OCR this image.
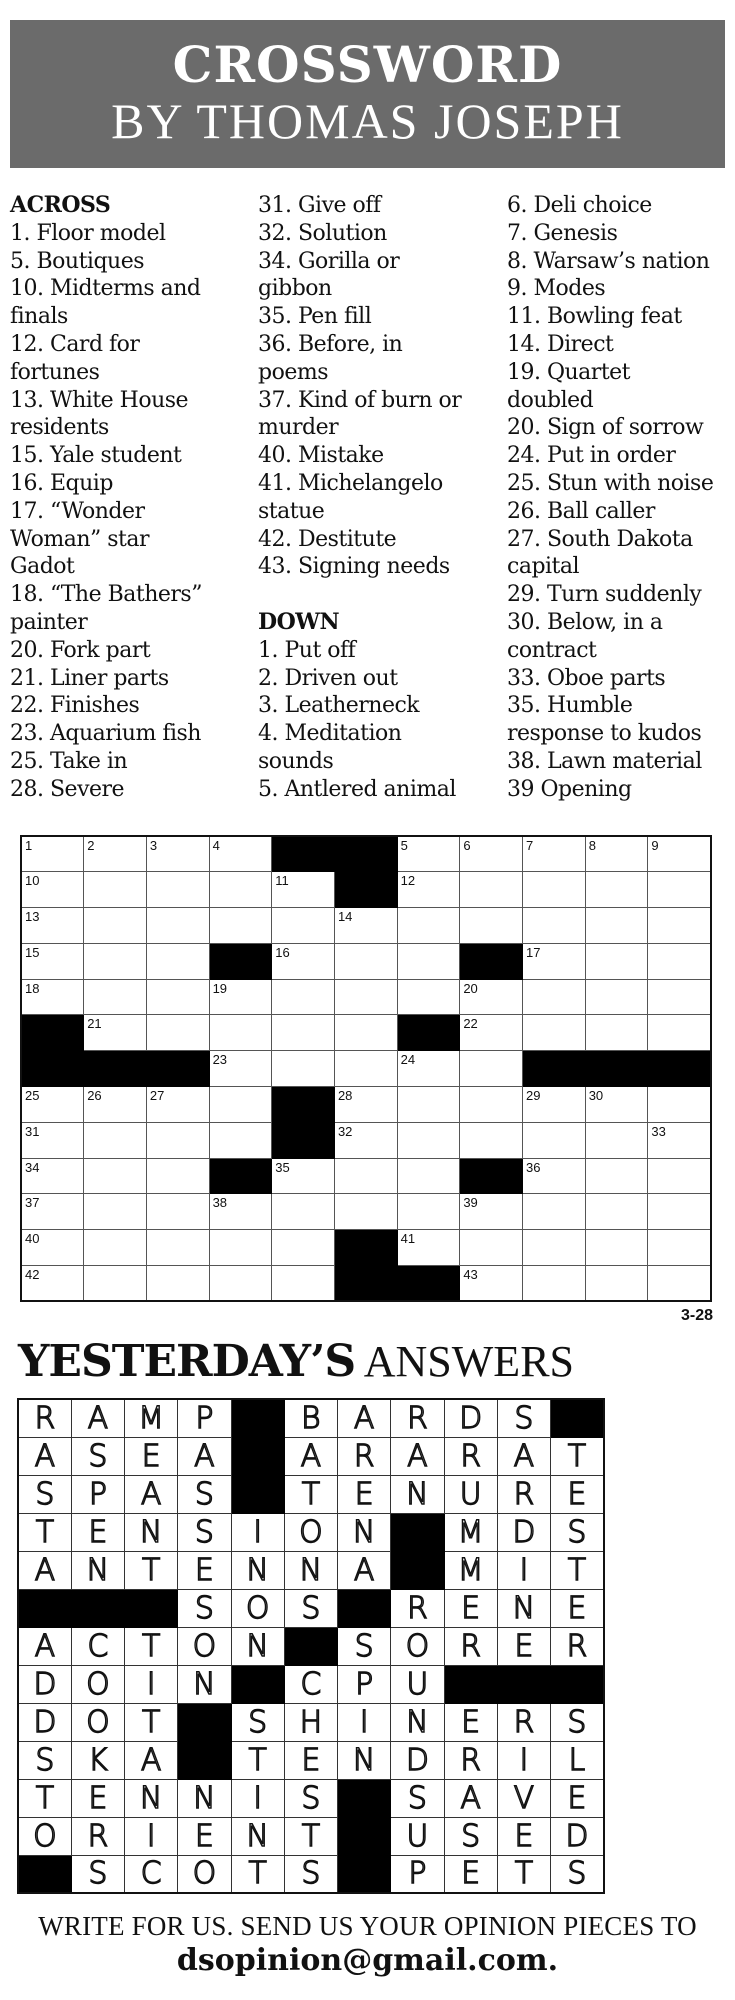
CROSSWORD
BY THOMAS JOSEPH
ACROSS
1. Floor model
5. Boutiques
10. Midterms and
finals
12. Card for
fortunes
13. White House
residents
15. Yale student
16. Equip
17. “Wonder
Woman” star
Gadot
18. “The Bathers”
painter
20. Fork part
21. Liner parts
22. Finishes
23. Aquarium fish
25. Take in
28. Severe
31. Give off
32. Solution
34. Gorilla or
gibbon
35. Pen fill
36. Before, in
poems
37. Kind of burn or
murder
40. Mistake
41. Michelangelo
statue
42. Destitute
43. Signing needs
DOWN
1. Put off
2. Driven out
3. Leatherneck
4. Meditation
sounds
5. Antlered animal
6. Deli choice
7. Genesis
8. Warsaw’s nation
9. Modes
11. Bowling feat
14. Direct
19. Quartet
doubled
20. Sign of sorrow
24. Put in order
25. Stun with noise
26. Ball caller
27. South Dakota
capital
29. Turn suddenly
30. Below, in a
contract
33. Oboe parts
35. Humble
response to kudos
38. Lawn material
39 Opening
1	2	3	4			5	6	7	8	9

10				11		12				

13					14					

15				16				17		

18			19				20			

	21						22			

			23			24				

25	26	27			28			29	30	

31					32					33

34				35				36		

37			38				39			

40						41				

42							43			

3-28
YESTERDAY’S ANSWERS
R	A	M	P		B	A	R	D	S	
A	S	E	A		A	R	A	R	A	T
S	P	A	S		T	E	N	U	R	E
T	E	N	S	I	O	N		M	D	S
A	N	T	E	N	N	A		M	I	T
			S	O	S		R	E	N	E
A	C	T	O	N		S	O	R	E	R
D	O	I	N		C	P	U			
D	O	T		S	H	I	N	E	R	S
S	K	A		T	E	N	D	R	I	L
T	E	N	N	I	S		S	A	V	E
O	R	I	E	N	T		U	S	E	D
	S	C	O	T	S		P	E	T	S
WRITE FOR US. SEND US YOUR OPINION PIECES TO
dsopinion@gmail.com.
